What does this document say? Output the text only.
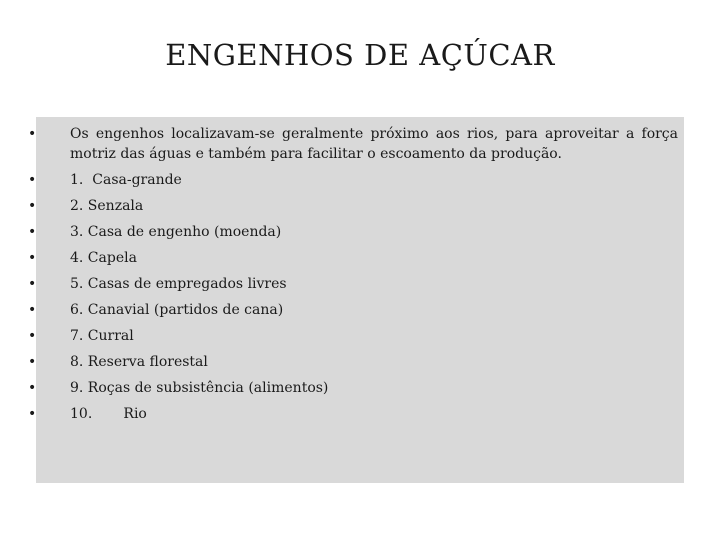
ENGENHOS DE AÇÚCAR
• Os engenhos localizavam-se geralmente próximo aos rios, para aproveitar a força motriz das águas e também para facilitar o escoamento da produção.
• 1.  Casa-grande
• 2. Senzala
• 3. Casa de engenho (moenda)
• 4. Capela
• 5. Casas de empregados livres
• 6. Canavial (partidos de cana)
• 7. Curral
• 8. Reserva florestal
• 9. Roças de subsistência (alimentos)
• 10.       Rio
